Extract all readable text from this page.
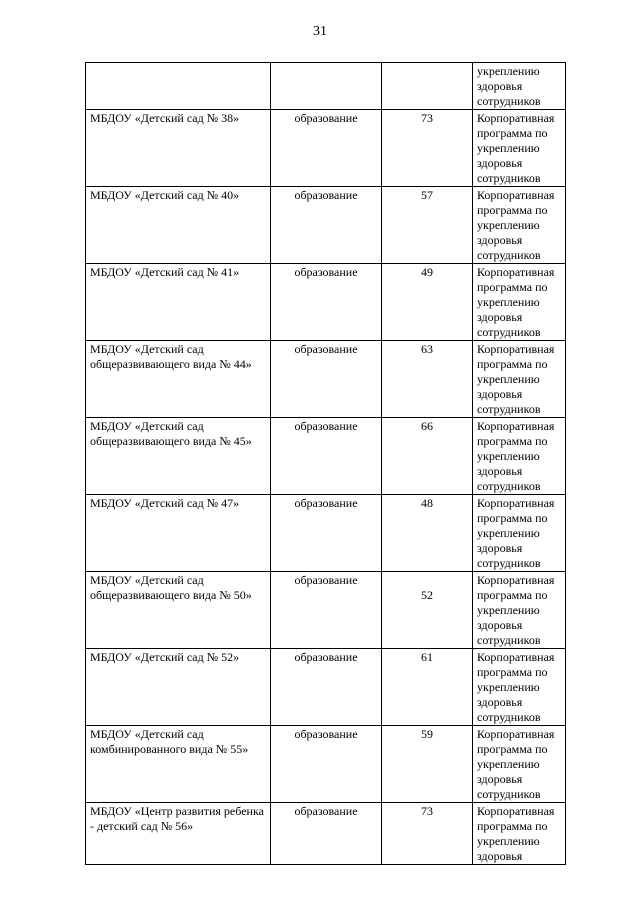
31
			укреплению здоровья сотрудников
МБДОУ «Детский сад № 38»	образование	73	Корпоративная программа по укреплению здоровья сотрудников
МБДОУ «Детский сад № 40»	образование	57	Корпоративная программа по укреплению здоровья сотрудников
МБДОУ «Детский сад № 41»	образование	49	Корпоративная программа по укреплению здоровья сотрудников
МБДОУ «Детский сад общеразвивающего вида № 44»	образование	63	Корпоративная программа по укреплению здоровья сотрудников
МБДОУ «Детский сад общеразвивающего вида № 45»	образование	66	Корпоративная программа по укреплению здоровья сотрудников
МБДОУ «Детский сад № 47»	образование	48	Корпоративная программа по укреплению здоровья сотрудников
МБДОУ «Детский сад общеразвивающего вида № 50»	образование	52	Корпоративная программа по укреплению здоровья сотрудников
МБДОУ «Детский сад № 52»	образование	61	Корпоративная программа по укреплению здоровья сотрудников
МБДОУ «Детский сад комбинированного вида № 55»	образование	59	Корпоративная программа по укреплению здоровья сотрудников
МБДОУ «Центр развития ребенка - детский сад № 56»	образование	73	Корпоративная программа по укреплению здоровья
